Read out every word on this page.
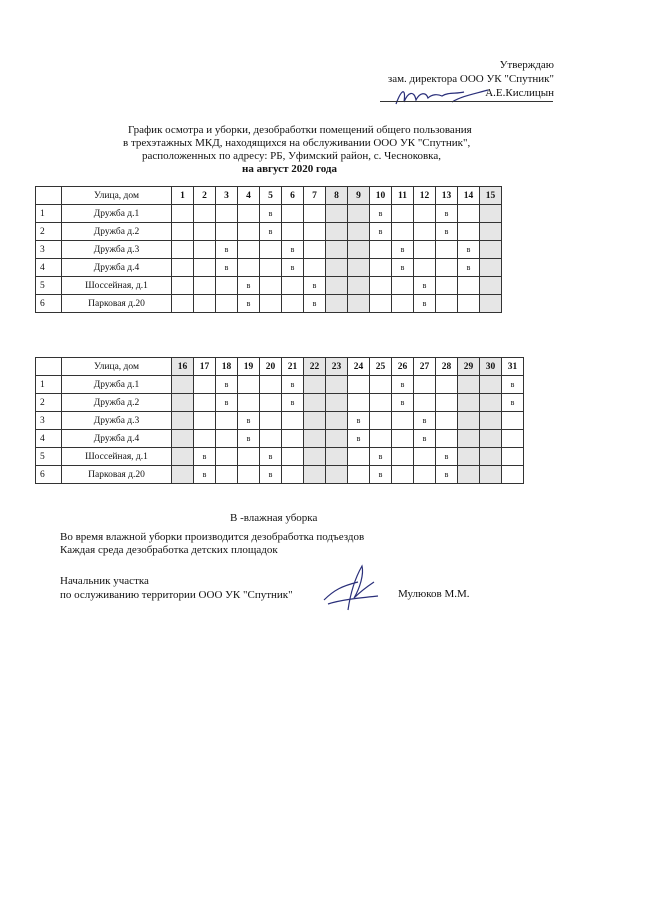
Утверждаю
зам. директора ООО УК "Спутник"
А.Е.Кислицын
График осмотра и уборки, дезобработки помещений общего пользования
в трехэтажных МКД, находящихся на обслуживании ООО УК "Спутник",
расположенных по адресу: РБ, Уфимский район, с. Чесноковка,
на август 2020 года
	Улица, дом	1	2	3	4	5	6	7	8	9	10	11	12	13	14	15
1	Дружба д.1					в					в			в		
2	Дружба д.2					в					в			в		
3	Дружба д.3			в			в					в			в	
4	Дружба д.4			в			в					в			в	
5	Шоссейная, д.1				в			в					в			
6	Парковая д.20				в			в					в			
	Улица, дом	16	17	18	19	20	21	22	23	24	25	26	27	28	29	30	31
1	Дружба д.1			в			в					в					в
2	Дружба д.2			в			в					в					в
3	Дружба д.3				в					в			в				
4	Дружба д.4				в					в			в				
5	Шоссейная, д.1		в			в					в			в			
6	Парковая д.20		в			в					в			в			
В -влажная уборка
Во время влажной уборки производится дезобработка подъездов
Каждая среда дезобработка детских площадок
Начальник участка
по ослуживанию территории ООО УК "Спутник"	Мулюков М.М.
